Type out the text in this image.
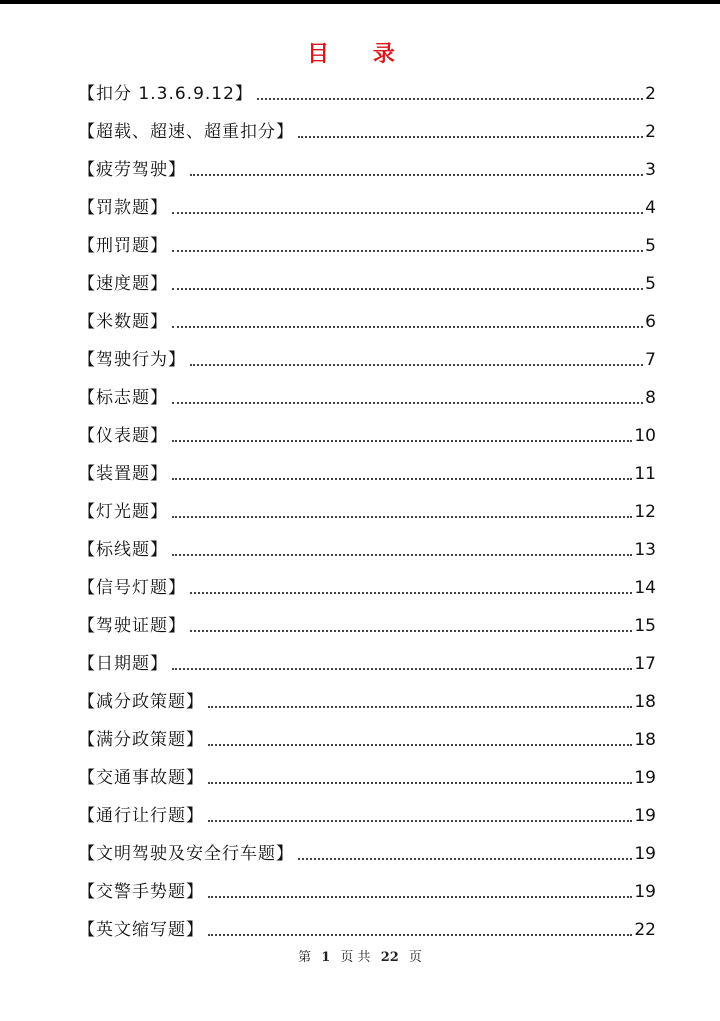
目 录
【扣分 1.3.6.9.12】	2
【超载、超速、超重扣分】	2
【疲劳驾驶】	3
【罚款题】	4
【刑罚题】	5
【速度题】	5
【米数题】	6
【驾驶行为】	7
【标志题】	8
【仪表题】	10
【装置题】	11
【灯光题】	12
【标线题】	13
【信号灯题】	14
【驾驶证题】	15
【日期题】	17
【减分政策题】	18
【满分政策题】	18
【交通事故题】	19
【通行让行题】	19
【文明驾驶及安全行车题】	19
【交警手势题】	19
【英文缩写题】	22
第 1 页 共 22 页
